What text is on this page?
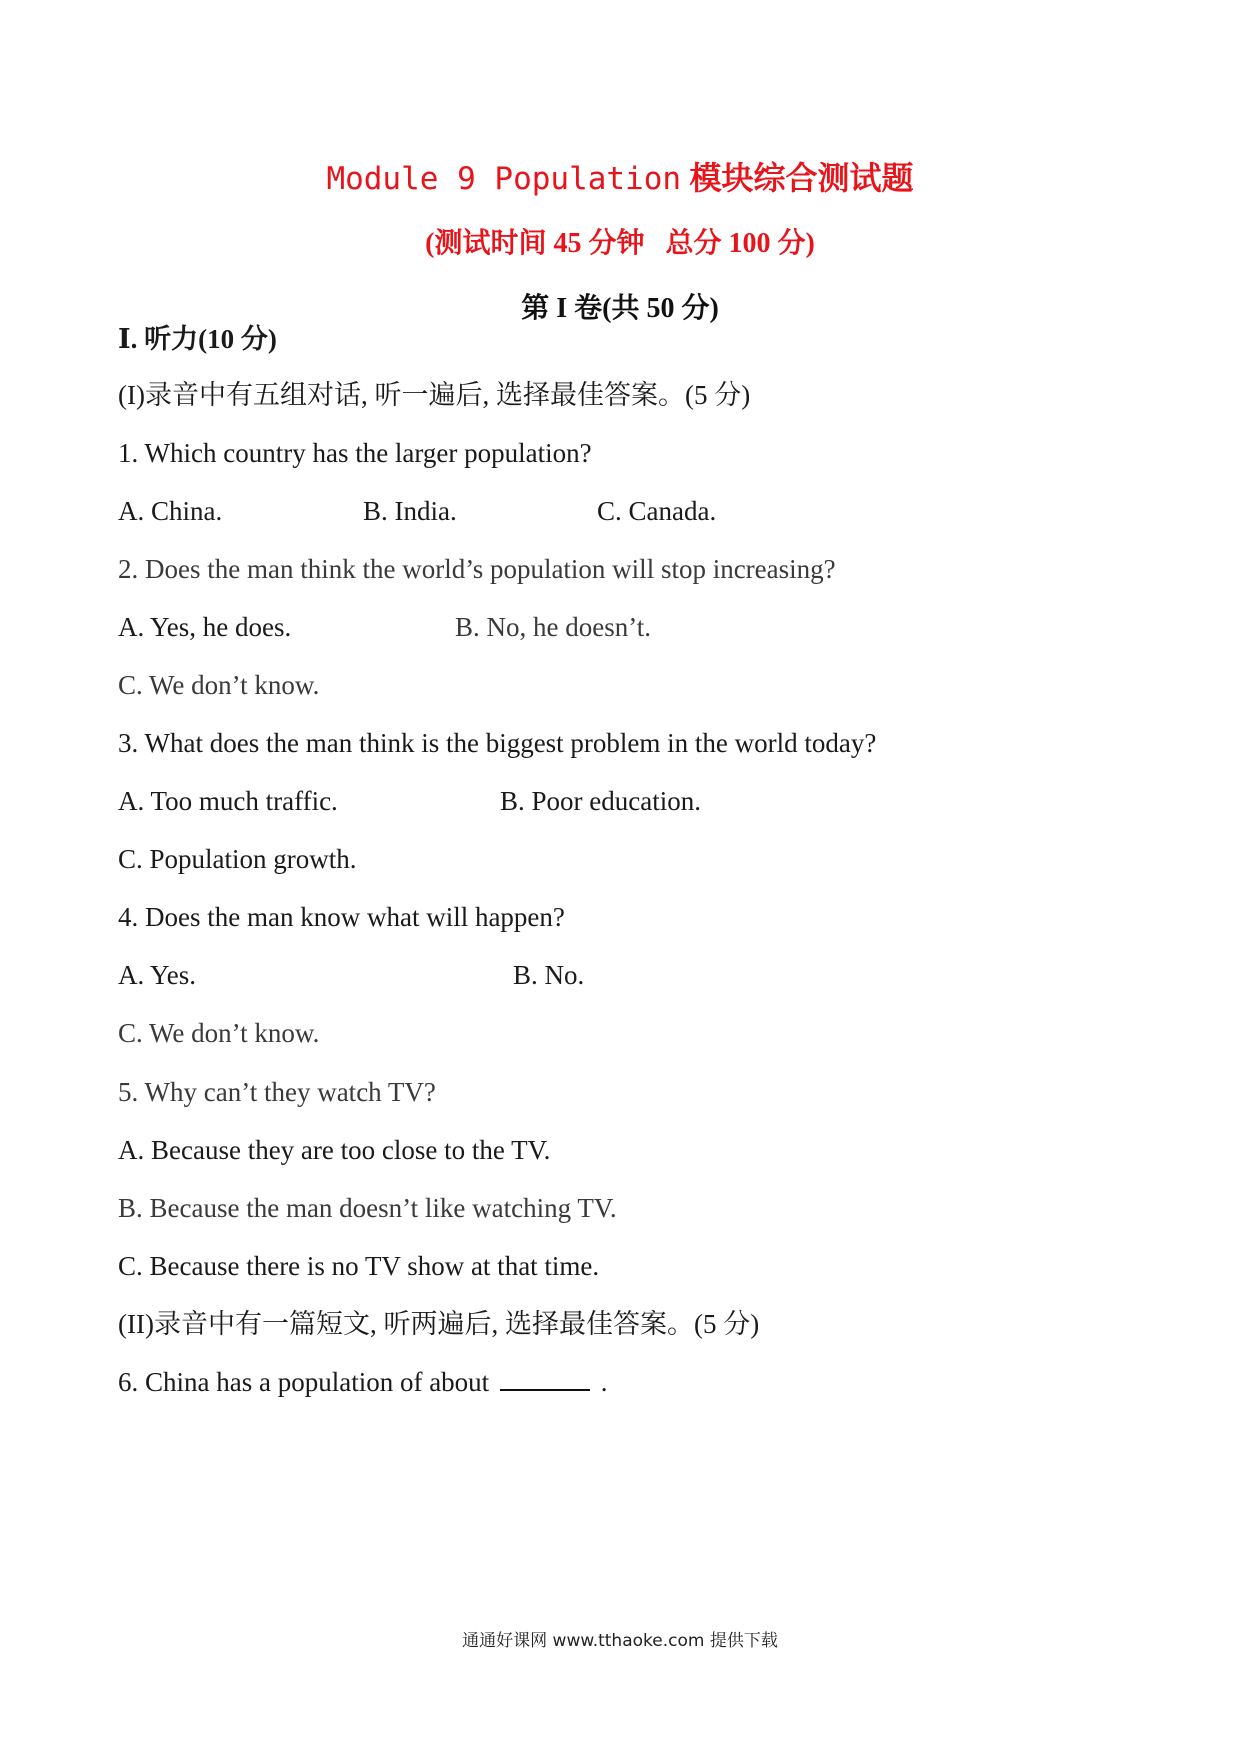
Module 9 Population 模块综合测试题
(测试时间 45 分钟   总分 100 分)
第 I 卷(共 50 分)
Ⅰ. 听力(10 分)
(I)录音中有五组对话, 听一遍后, 选择最佳答案。(5 分)
1. Which country has the larger population?
A. China.	B. India.	C. Canada.
2. Does the man think the world’s population will stop increasing?
A. Yes, he does.	B. No, he doesn’t.
C. We don’t know.
3. What does the man think is the biggest problem in the world today?
A. Too much traffic.	B. Poor education.
C. Population growth.
4. Does the man know what will happen?
A. Yes.	B. No.
C. We don’t know.
5. Why can’t they watch TV?
A. Because they are too close to the TV.
B. Because the man doesn’t like watching TV.
C. Because there is no TV show at that time.
(II)录音中有一篇短文, 听两遍后, 选择最佳答案。(5 分)
6. China has a population of about	.
通通好课网 www.tthaoke.com 提供下载
